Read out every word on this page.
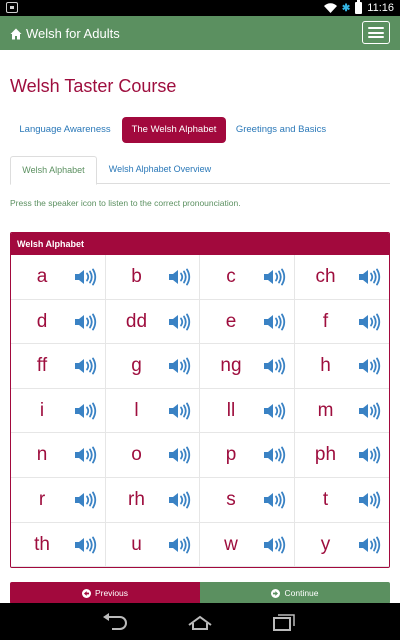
✱ 11:16
Welsh for Adults
Welsh Taster Course
Language Awareness	The Welsh Alphabet	Greetings and Basics
Welsh Alphabet	Welsh Alphabet Overview

Press the speaker icon to listen to the correct pronounciation.

Welsh Alphabet
a	b	c	ch
d	dd	e	f
ff	g	ng	h
i	l	ll	m
n	o	p	ph
r	rh	s	t
th	u	w	y
Previous	Continue
